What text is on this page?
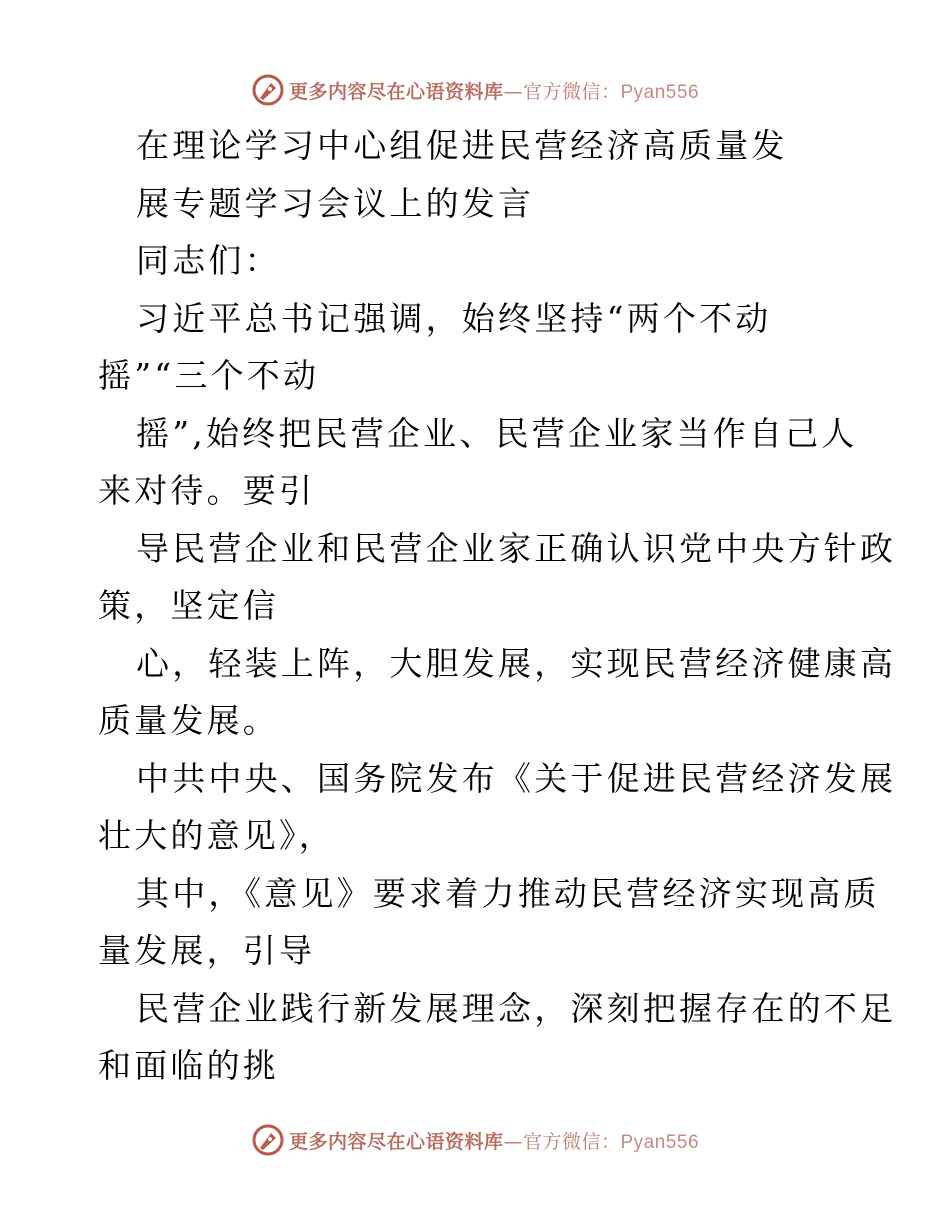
更多内容尽在心语资料库—官方微信：Pyan556
在理论学习中心组促进民营经济高质量发
展专题学习会议上的发言
同志们：
习近平总书记强调，始终坚持“两个不动
摇”“三个不动
摇”,始终把民营企业、民营企业家当作自己人
来对待。要引
导民营企业和民营企业家正确认识党中央方针政
策，坚定信
心，轻装上阵，大胆发展，实现民营经济健康高
质量发展。
中共中央、国务院发布《关于促进民营经济发展
壮大的意见》，
其中，《意见》要求着力推动民营经济实现高质
量发展，引导
民营企业践行新发展理念，深刻把握存在的不足
和面临的挑
更多内容尽在心语资料库—官方微信：Pyan556
